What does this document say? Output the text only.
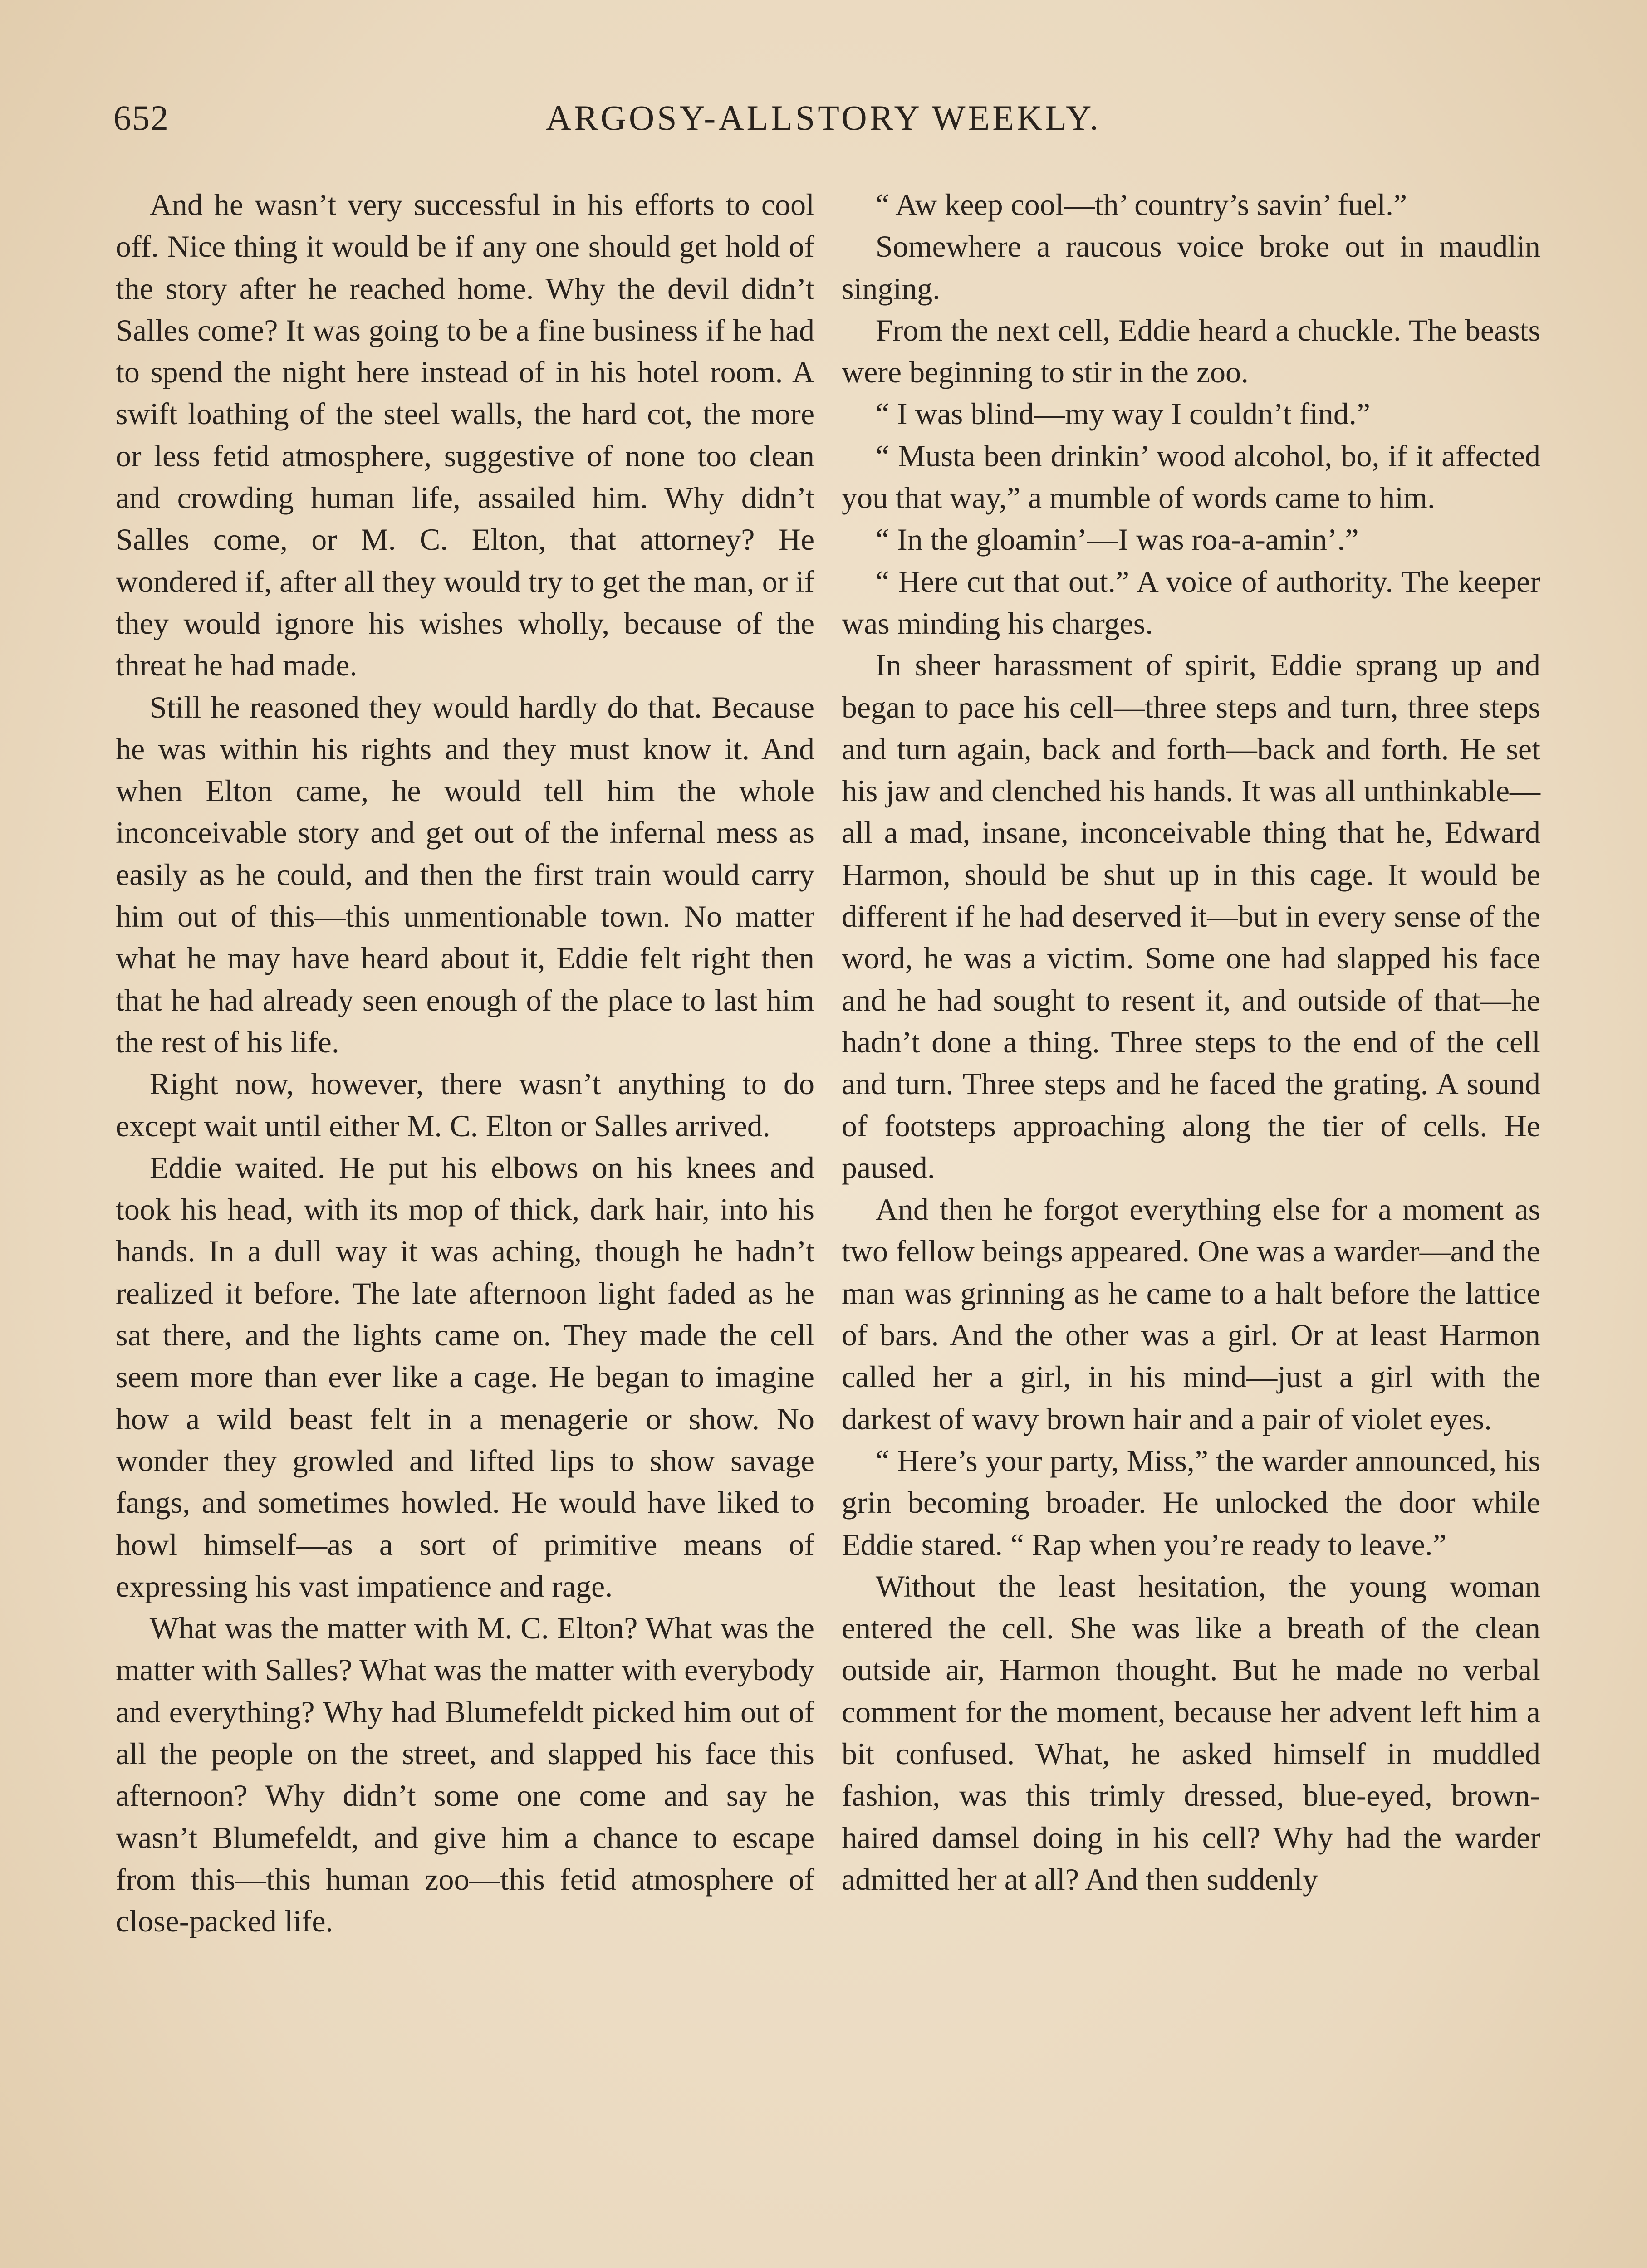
652	ARGOSY-ALLSTORY WEEKLY.

And he wasn’t very successful in his efforts to cool off. Nice thing it would be if any one should get hold of the story after he reached home. Why the devil didn’t Salles come? It was going to be a fine business if he had to spend the night here instead of in his hotel room. A swift loathing of the steel walls, the hard cot, the more or less fetid atmosphere, suggestive of none too clean and crowding human life, assailed him. Why didn’t Salles come, or M. C. Elton, that attorney? He wondered if, after all they would try to get the man, or if they would ignore his wishes wholly, because of the threat he had made.

Still he reasoned they would hardly do that. Because he was within his rights and they must know it. And when Elton came, he would tell him the whole inconceivable story and get out of the infernal mess as easily as he could, and then the first train would carry him out of this—this unmentionable town. No matter what he may have heard about it, Eddie felt right then that he had already seen enough of the place to last him the rest of his life.

Right now, however, there wasn’t anything to do except wait until either M. C. Elton or Salles arrived.

Eddie waited. He put his elbows on his knees and took his head, with its mop of thick, dark hair, into his hands. In a dull way it was aching, though he hadn’t realized it before. The late afternoon light faded as he sat there, and the lights came on. They made the cell seem more than ever like a cage. He began to imagine how a wild beast felt in a menagerie or show. No wonder they growled and lifted lips to show savage fangs, and sometimes howled. He would have liked to howl himself—as a sort of primitive means of expressing his vast impatience and rage.

What was the matter with M. C. Elton? What was the matter with Salles? What was the matter with everybody and everything? Why had Blumefeldt picked him out of all the people on the street, and slapped his face this afternoon? Why didn’t some one come and say he wasn’t Blumefeldt, and give him a chance to escape from this—this human zoo—this fetid atmosphere of close-packed life.

“ Aw keep cool—th’ country’s savin’ fuel.”

Somewhere a raucous voice broke out in maudlin singing.

From the next cell, Eddie heard a chuckle. The beasts were beginning to stir in the zoo.

“ I was blind—my way I couldn’t find.”

“ Musta been drinkin’ wood alcohol, bo, if it affected you that way,” a mumble of words came to him.

“ In the gloamin’—I was roa-a-amin’.”

“ Here cut that out.” A voice of authority. The keeper was minding his charges.

In sheer harassment of spirit, Eddie sprang up and began to pace his cell—three steps and turn, three steps and turn again, back and forth—back and forth. He set his jaw and clenched his hands. It was all unthinkable—all a mad, insane, inconceivable thing that he, Edward Harmon, should be shut up in this cage. It would be different if he had deserved it—but in every sense of the word, he was a victim. Some one had slapped his face and he had sought to resent it, and outside of that—he hadn’t done a thing. Three steps to the end of the cell and turn. Three steps and he faced the grating. A sound of footsteps approaching along the tier of cells. He paused.

And then he forgot everything else for a moment as two fellow beings appeared. One was a warder—and the man was grinning as he came to a halt before the lattice of bars. And the other was a girl. Or at least Harmon called her a girl, in his mind—just a girl with the darkest of wavy brown hair and a pair of violet eyes.

“ Here’s your party, Miss,” the warder announced, his grin becoming broader. He unlocked the door while Eddie stared. “ Rap when you’re ready to leave.”

Without the least hesitation, the young woman entered the cell. She was like a breath of the clean outside air, Harmon thought. But he made no verbal comment for the moment, because her advent left him a bit confused. What, he asked himself in muddled fashion, was this trimly dressed, blue-eyed, brown-haired damsel doing in his cell? Why had the warder admitted her at all? And then suddenly
